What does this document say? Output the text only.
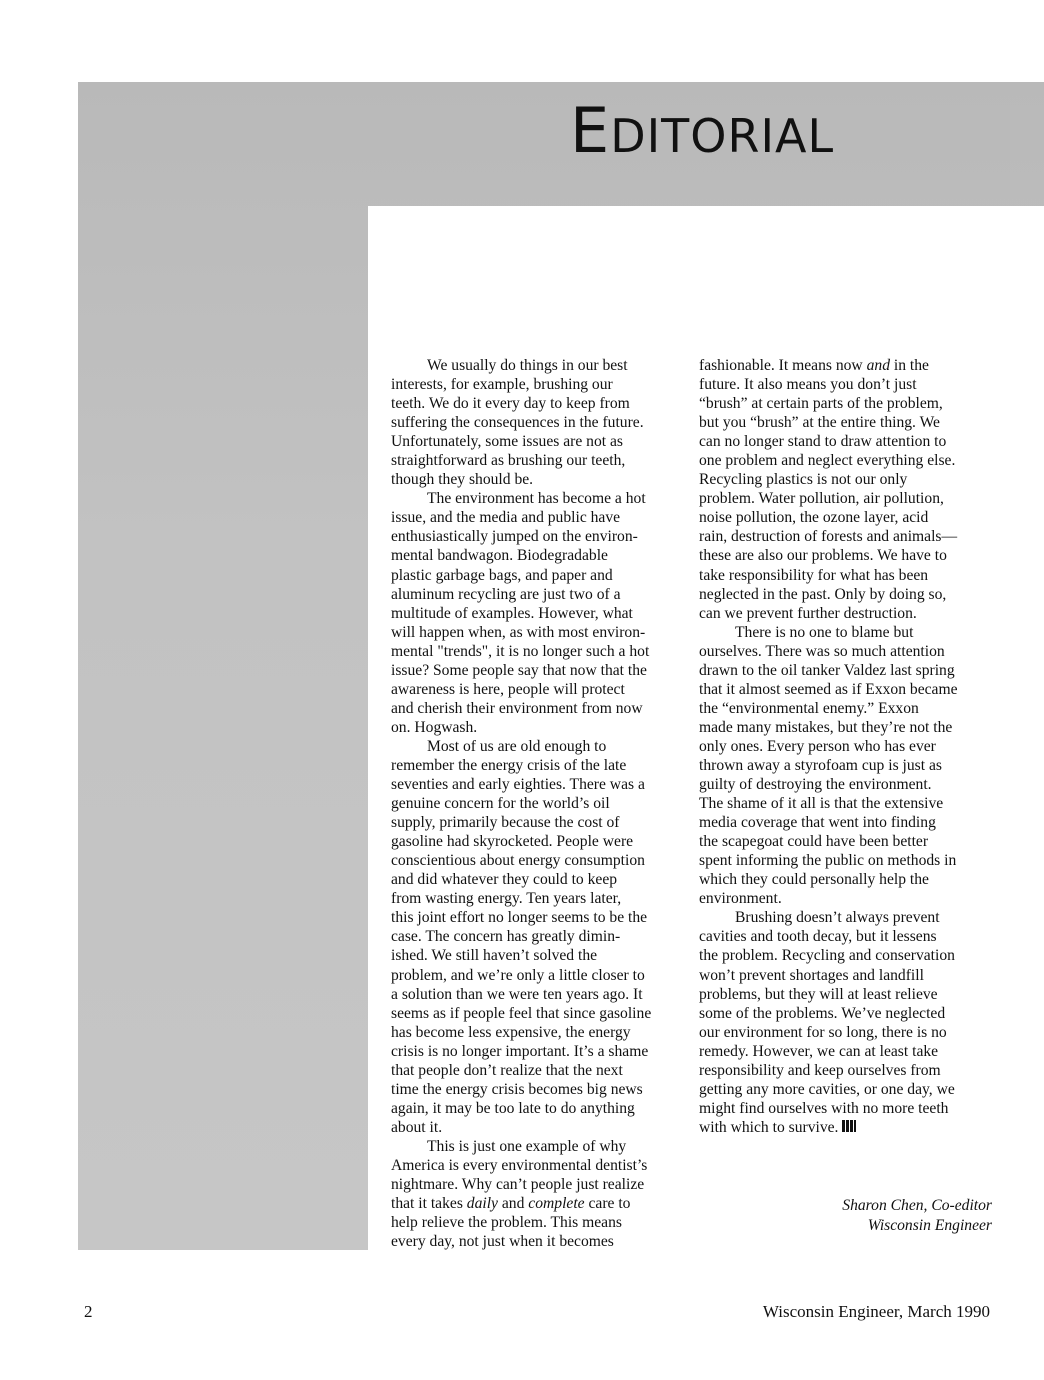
EDITORIAL

We usually do things in our best
interests, for example, brushing our
teeth. We do it every day to keep from
suffering the consequences in the future.
Unfortunately, some issues are not as
straightforward as brushing our teeth,
though they should be.

The environment has become a hot
issue, and the media and public have
enthusiastically jumped on the environ-
mental bandwagon. Biodegradable
plastic garbage bags, and paper and
aluminum recycling are just two of a
multitude of examples. However, what
will happen when, as with most environ-
mental "trends", it is no longer such a hot
issue? Some people say that now that the
awareness is here, people will protect
and cherish their environment from now
on. Hogwash.

Most of us are old enough to
remember the energy crisis of the late
seventies and early eighties. There was a
genuine concern for the world’s oil
supply, primarily because the cost of
gasoline had skyrocketed. People were
conscientious about energy consumption
and did whatever they could to keep
from wasting energy. Ten years later,
this joint effort no longer seems to be the
case. The concern has greatly dimin-
ished. We still haven’t solved the
problem, and we’re only a little closer to
a solution than we were ten years ago. It
seems as if people feel that since gasoline
has become less expensive, the energy
crisis is no longer important. It’s a shame
that people don’t realize that the next
time the energy crisis becomes big news
again, it may be too late to do anything
about it.

This is just one example of why
America is every environmental dentist’s
nightmare. Why can’t people just realize
that it takes daily and complete care to
help relieve the problem. This means
every day, not just when it becomes

fashionable. It means now and in the
future. It also means you don’t just
“brush” at certain parts of the problem,
but you “brush” at the entire thing. We
can no longer stand to draw attention to
one problem and neglect everything else.
Recycling plastics is not our only
problem. Water pollution, air pollution,
noise pollution, the ozone layer, acid
rain, destruction of forests and animals—
these are also our problems. We have to
take responsibility for what has been
neglected in the past. Only by doing so,
can we prevent further destruction.

There is no one to blame but
ourselves. There was so much attention
drawn to the oil tanker Valdez last spring
that it almost seemed as if Exxon became
the “environmental enemy.” Exxon
made many mistakes, but they’re not the
only ones. Every person who has ever
thrown away a styrofoam cup is just as
guilty of destroying the environment.
The shame of it all is that the extensive
media coverage that went into finding
the scapegoat could have been better
spent informing the public on methods in
which they could personally help the
environment.

Brushing doesn’t always prevent
cavities and tooth decay, but it lessens
the problem. Recycling and conservation
won’t prevent shortages and landfill
problems, but they will at least relieve
some of the problems. We’ve neglected
our environment for so long, there is no
remedy. However, we can at least take
responsibility and keep ourselves from
getting any more cavities, or one day, we
might find ourselves with no more teeth
with which to survive.

Sharon Chen, Co-editor
Wisconsin Engineer
2	Wisconsin Engineer, March 1990
